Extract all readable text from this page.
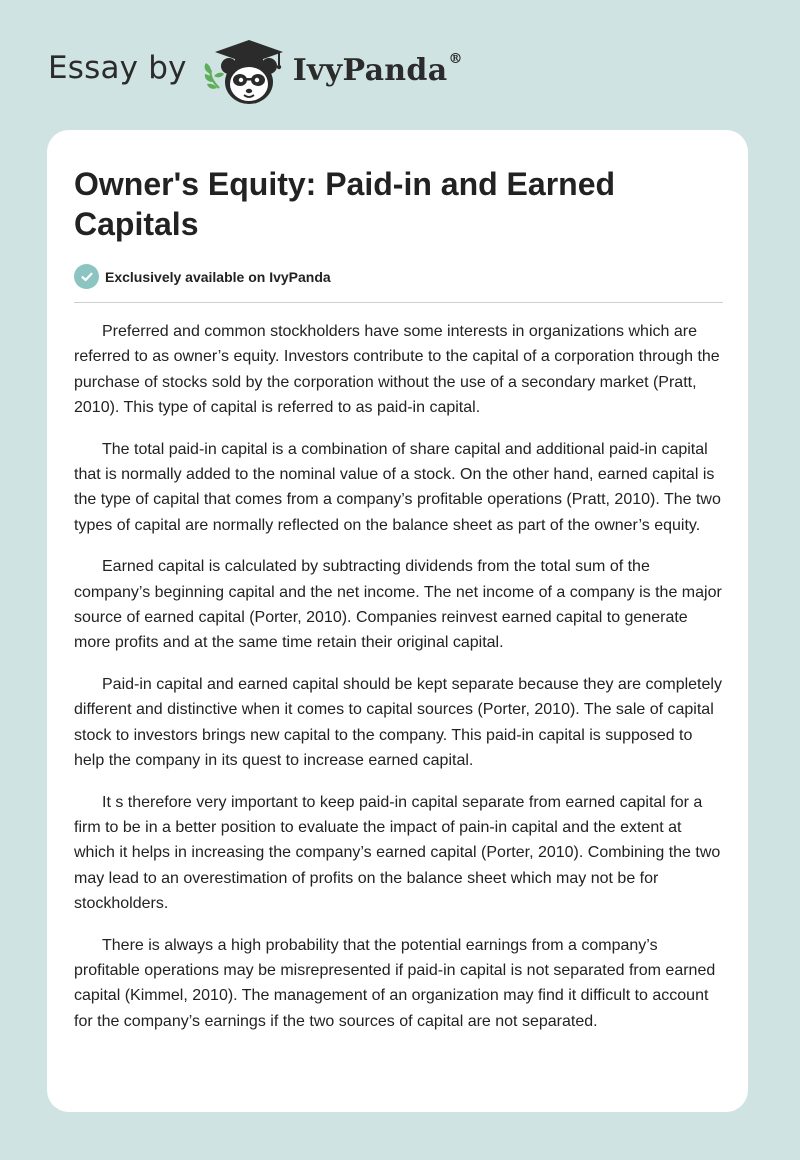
Essay by	IvyPanda®
Owner's Equity: Paid-in and Earned Capitals
Exclusively available on IvyPanda

Preferred and common stockholders have some interests in organizations which are referred to as owner’s equity. Investors contribute to the capital of a corporation through the purchase of stocks sold by the corporation without the use of a secondary market (Pratt, 2010). This type of capital is referred to as paid-in capital.

The total paid-in capital is a combination of share capital and additional paid-in capital that is normally added to the nominal value of a stock. On the other hand, earned capital is the type of capital that comes from a company’s profitable operations (Pratt, 2010). The two types of capital are normally reflected on the balance sheet as part of the owner’s equity.

Earned capital is calculated by subtracting dividends from the total sum of the company’s beginning capital and the net income. The net income of a company is the major source of earned capital (Porter, 2010). Companies reinvest earned capital to generate more profits and at the same time retain their original capital.

Paid-in capital and earned capital should be kept separate because they are completely different and distinctive when it comes to capital sources (Porter, 2010). The sale of capital stock to investors brings new capital to the company. This paid-in capital is supposed to help the company in its quest to increase earned capital.

It s therefore very important to keep paid-in capital separate from earned capital for a firm to be in a better position to evaluate the impact of pain-in capital and the extent at which it helps in increasing the company’s earned capital (Porter, 2010). Combining the two may lead to an overestimation of profits on the balance sheet which may not be for stockholders.

There is always a high probability that the potential earnings from a company’s profitable operations may be misrepresented if paid-in capital is not separated from earned capital (Kimmel, 2010). The management of an organization may find it difficult to account for the company’s earnings if the two sources of capital are not separated.
